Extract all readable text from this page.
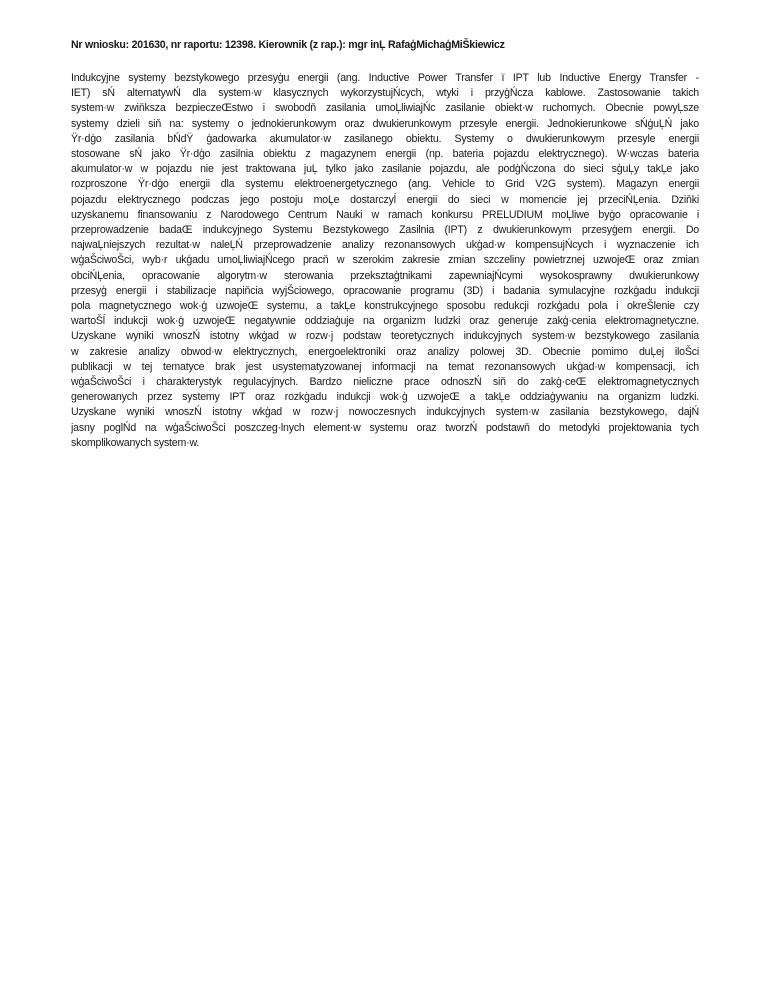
Nr wniosku: 201630, nr raportu: 12398. Kierownik (z rap.): mgr inĻ RafaģMichaģMiŠkiewicz
Indukcyjne systemy bezstykowego przesyģu energii (ang. Inductive Power Transfer ï IPT lub Inductive Energy Transfer -
IET) sŃ alternatywŃ dla system·w klasycznych wykorzystujŃcych, wtyki i przyģŃcza kablowe. Zastosowanie takich
system·w zwiňksza bezpieczeŒstwo i swobodň zasilania umoĻliwiajŃc zasilanie obiekt·w ruchomych. Obecnie powyĻsze
systemy dzieli siň na: systemy o jednokierunkowym oraz dwukierunkowym przesyle energii. Jednokierunkowe sŃģuĻŃ jako
Ÿr·dģo zasilania bŃdŸ ģadowarka akumulator·w zasilanego obiektu. Systemy o dwukierunkowym przesyle energii
stosowane sŃ jako Ÿr·dģo zasilnia obiektu z magazynem energii (np. bateria pojazdu elektrycznego). W·wczas bateria
akumulator·w w pojazdu nie jest traktowana juĻ tylko jako zasilanie pojazdu, ale podģŃczona do sieci sģuĻy takĻe jako
rozproszone Ÿr·dģo energii dla systemu elektroenergetycznego (ang. Vehicle to Grid V2G system). Magazyn energii
pojazdu elektrycznego podczas jego postoju moĻe dostarczyĺ energii do sieci w momencie jej przeciŃĻenia. Dziňki
uzyskanemu finansowaniu z Narodowego Centrum Nauki w ramach konkursu PRELUDIUM moĻliwe byģo opracowanie i
przeprowadzenie badaŒ indukcyjnego Systemu Bezstykowego Zasilnia (IPT) z dwukierunkowym przesyģem energii. Do
najwaĻniejszych rezultat·w naleĻŃ przeprowadzenie analizy rezonansowych ukģad·w kompensujŃcych i wyznaczenie ich
wģaŠciwoŠci, wyb·r ukģadu umoĻliwiajŃcego pracň w szerokim zakresie zmian szczeliny powietrznej uzwojeŒ oraz zmian
obciŃĻenia, opracowanie algorytm·w sterowania przeksztaģtnikami zapewniajŃcymi wysokosprawny dwukierunkowy
przesyģ energii i stabilizacje napiňcia wyjŠciowego, opracowanie programu (3D) i badania symulacyjne rozkģadu indukcji
pola magnetycznego wok·ģ uzwojeŒ systemu, a takĻe konstrukcyjnego sposobu redukcji rozkģadu pola i okreŠlenie czy
wartoŠĺ indukcji wok·ģ uzwojeŒ negatywnie oddziaģuje na organizm ludzki oraz generuje zakģ·cenia elektromagnetyczne.
Uzyskane wyniki wnoszŃ istotny wkģad w rozw·j podstaw teoretycznych indukcyjnych system·w bezstykowego zasilania
w zakresie analizy obwod·w elektrycznych, energoelektroniki oraz analizy polowej 3D. Obecnie pomimo duĻej iloŠci
publikacji w tej tematyce brak jest usystematyzowanej informacji na temat rezonansowych ukģad·w kompensacji, ich
wģaŠciwoŠci i charakterystyk regulacyjnych. Bardzo nieliczne prace odnoszŃ siň do zakģ·ceŒ elektromagnetycznych
generowanych przez systemy IPT oraz rozkģadu indukcji wok·ģ uzwojeŒ a takĻe oddziaģywaniu na organizm ludzki.
Uzyskane wyniki wnoszŃ istotny wkģad w rozw·j nowoczesnych indukcyjnych system·w zasilania bezstykowego, dajŃ
jasny poglŃd na wģaŠciwoŠci poszczeg·lnych element·w systemu oraz tworzŃ podstawň do metodyki projektowania tych
skomplikowanych system·w.
